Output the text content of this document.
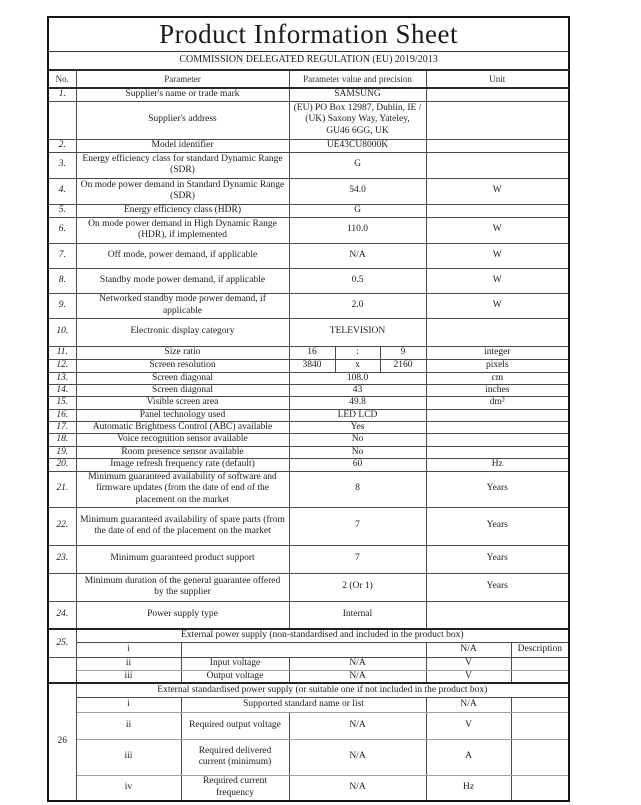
Product Information Sheet							
COMMISSION DELEGATED REGULATION (EU) 2019/2013							
No.	Parameter		Parameter value and precision			Unit	
1.	Supplier's name or trade mark		SAMSUNG				
	Supplier's address		(EU) PO Box 12987, Dublin, IE / (UK) Saxony Way, Yateley, GU46 6GG, UK				
2.	Model identifier		UE43CU8000K				
3.	Energy efficiency class for standard Dynamic Range (SDR)		G				
4.	On mode power demand in Standard Dynamic Range (SDR)		54.0			W	
5.	Energy efficiency class (HDR)		G				
6.	On mode power demand in High Dynamic Range (HDR), if implemented		110.0			W	
7.	Off mode, power demand, if applicable		N/A			W	
8.	Standby mode power demand, if applicable		0.5			W	
9.	Networked standby mode power demand, if applicable		2.0			W	
10.	Electronic display category		TELEVISION				
11.	Size ratio		16	:	9	integer	
12.	Screen resolution		3840	x	2160	pixels	
13.	Screen diagonal		108.0			cm	
14.	Screen diagonal		43			inches	
15.	Visible screen area		49.8			dm²	
16.	Panel technology used		LED LCD				
17.	Automatic Brightness Control (ABC) available		Yes				
18.	Voice recognition sensor available		No				
19.	Room presence sensor available		No				
20.	Image refresh frequency rate (default)		60			Hz	
21.	Minimum guaranteed availability of software and firmware updates (from the date of end of the placement on the market		8			Years	
22.	Minimum guaranteed availability of spare parts (from the date of end of the placement on the market		7			Years	
23.	Minimum guaranteed product support		7			Years	
	Minimum duration of the general guarantee offered by the supplier		2 (Or 1)			Years	
24.	Power supply type		Internal				
25.	External power supply (non-standardised and included in the product box)						
	i					N/A	Description
	ii	Input voltage	N/A			V	
	iii	Output voltage	N/A			V	
26	External standardised power supply (or suitable one if not included in the product box)						
	i	Supported standard name or list				N/A	
	ii	Required output voltage	N/A			V	
	iii	Required delivered current (minimum)	N/A			A	
	iv	Required current frequency	N/A			Hz	
